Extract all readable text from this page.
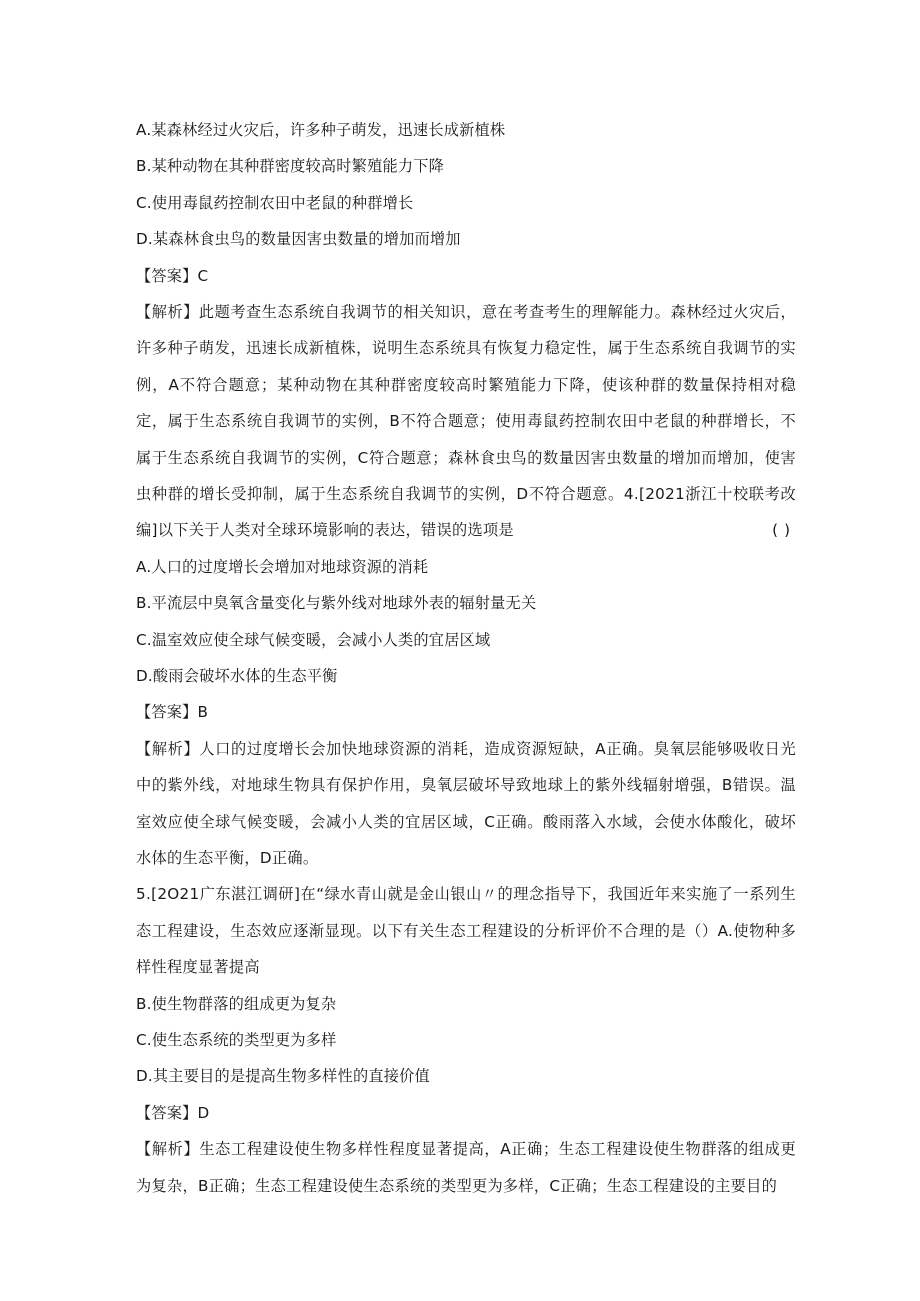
A.某森林经过火灾后，许多种子萌发，迅速长成新植株
B.某种动物在其种群密度较高时繁殖能力下降
C.使用毒鼠药控制农田中老鼠的种群增长
D.某森林食虫鸟的数量因害虫数量的增加而增加
【答案】C
【解析】此题考查生态系统自我调节的相关知识，意在考查考生的理解能力。森林经过火灾后，许多种子萌发，迅速长成新植株，说明生态系统具有恢复力稳定性，属于生态系统自我调节的实例，A不符合题意；某种动物在其种群密度较高时繁殖能力下降，使该种群的数量保持相对稳定，属于生态系统自我调节的实例，B不符合题意；使用毒鼠药控制农田中老鼠的种群增长，不属于生态系统自我调节的实例，C符合题意；森林食虫鸟的数量因害虫数量的增加而增加，使害虫种群的增长受抑制，属于生态系统自我调节的实例，D不符合题意。4.[2021浙江十校联考改编]以下关于人类对全球环境影响的表达，错误的选项是	()
A.人口的过度增长会增加对地球资源的消耗
B.平流层中臭氧含量变化与紫外线对地球外表的辐射量无关
C.温室效应使全球气候变暖，会减小人类的宜居区域
D.酸雨会破坏水体的生态平衡
【答案】B
【解析】人口的过度增长会加快地球资源的消耗，造成资源短缺，A正确。臭氧层能够吸收日光中的紫外线，对地球生物具有保护作用，臭氧层破坏导致地球上的紫外线辐射增强，B错误。温室效应使全球气候变暖，会减小人类的宜居区域，C正确。酸雨落入水域，会使水体酸化，破坏水体的生态平衡，D正确。
5.[2O21广东湛江调研]在“绿水青山就是金山银山〃的理念指导下，我国近年来实施了一系列生态工程建设，生态效应逐渐显现。以下有关生态工程建设的分析评价不合理的是（）A.使物种多样性程度显著提高
B.使生物群落的组成更为复杂
C.使生态系统的类型更为多样
D.其主要目的是提高生物多样性的直接价值
【答案】D
【解析】生态工程建设使生物多样性程度显著提高，A正确；生态工程建设使生物群落的组成更为复杂，B正确；生态工程建设使生态系统的类型更为多样，C正确；生态工程建设的主要目的
